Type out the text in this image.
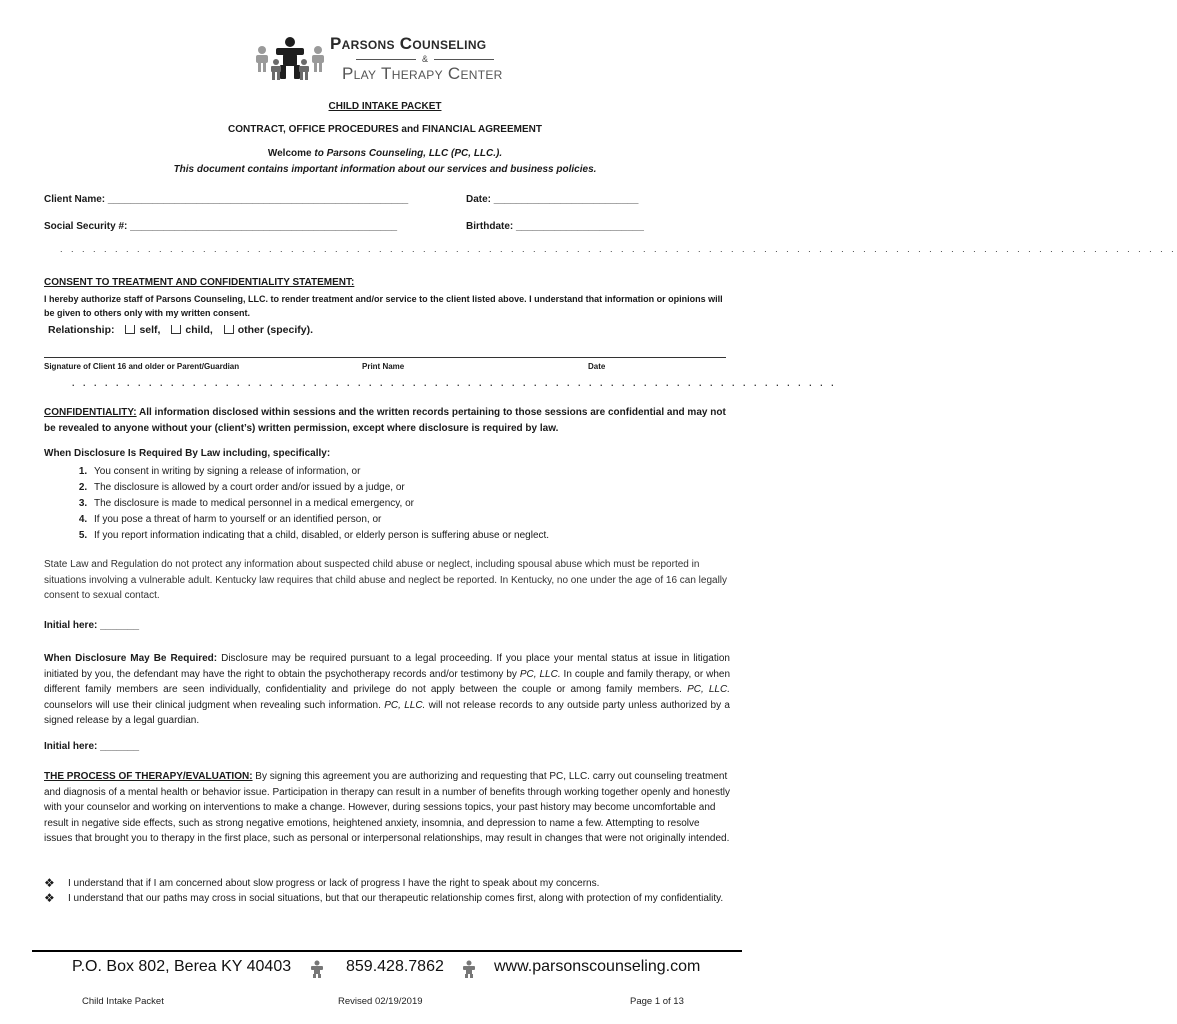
Parsons Counseling
&
Play Therapy Center
CHILD INTAKE PACKET
CONTRACT, OFFICE PROCEDURES and FINANCIAL AGREEMENT
Welcome to Parsons Counseling, LLC (PC, LLC.).
This document contains important information about our services and business policies.
Client Name: ______________________________________________________	Date: __________________________
Social Security #: ________________________________________________	Birthdate: _______________________
. . . . . . . . . . . . . . . . . . . . . . . . . . . . . . . . . . . . . . . . . . . . . . . . . . . . . . . . . . . . . . . . . . . . . . . . . . . . . . . . . . . . . . . . . . . . . . . . . . . . . .
CONSENT TO TREATMENT AND CONFIDENTIALITY STATEMENT:
I hereby authorize staff of Parsons Counseling, LLC. to render treatment and/or service to the client listed above. I understand that information or opinions will be given to others only with my written consent.
Relationship: self, child, other (specify).
Signature of Client 16 and older or Parent/Guardian	Print Name	Date
. . . . . . . . . . . . . . . . . . . . . . . . . . . . . . . . . . . . . . . . . . . . . . . . . . . . . . . . . . . . . . . . . . . . . .
CONFIDENTIALITY: All information disclosed within sessions and the written records pertaining to those sessions are confidential and may not be revealed to anyone without your (client’s) written permission, except where disclosure is required by law.
When Disclosure Is Required By Law including, specifically:
1. You consent in writing by signing a release of information, or
2. The disclosure is allowed by a court order and/or issued by a judge, or
3. The disclosure is made to medical personnel in a medical emergency, or
4. If you pose a threat of harm to yourself or an identified person, or
5. If you report information indicating that a child, disabled, or elderly person is suffering abuse or neglect.
State Law and Regulation do not protect any information about suspected child abuse or neglect, including spousal abuse which must be reported in situations involving a vulnerable adult. Kentucky law requires that child abuse and neglect be reported. In Kentucky, no one under the age of 16 can legally consent to sexual contact.
Initial here: _______
When Disclosure May Be Required: Disclosure may be required pursuant to a legal proceeding. If you place your mental status at issue in litigation initiated by you, the defendant may have the right to obtain the psychotherapy records and/or testimony by PC, LLC. In couple and family therapy, or when different family members are seen individually, confidentiality and privilege do not apply between the couple or among family members. PC, LLC. counselors will use their clinical judgment when revealing such information. PC, LLC. will not release records to any outside party unless authorized by a signed release by a legal guardian.
Initial here: _______
THE PROCESS OF THERAPY/EVALUATION: By signing this agreement you are authorizing and requesting that PC, LLC. carry out counseling treatment and diagnosis of a mental health or behavior issue. Participation in therapy can result in a number of benefits through working together openly and honestly with your counselor and working on interventions to make a change. However, during sessions topics, your past history may become uncomfortable and result in negative side effects, such as strong negative emotions, heightened anxiety, insomnia, and depression to name a few. Attempting to resolve issues that brought you to therapy in the first place, such as personal or interpersonal relationships, may result in changes that were not originally intended.
❖ I understand that if I am concerned about slow progress or lack of progress I have the right to speak about my concerns.
❖ I understand that our paths may cross in social situations, but that our therapeutic relationship comes first, along with protection of my confidentiality.
P.O. Box 802, Berea KY 40403	859.428.7862	www.parsonscounseling.com
Child Intake Packet	Revised 02/19/2019	Page 1 of 13
